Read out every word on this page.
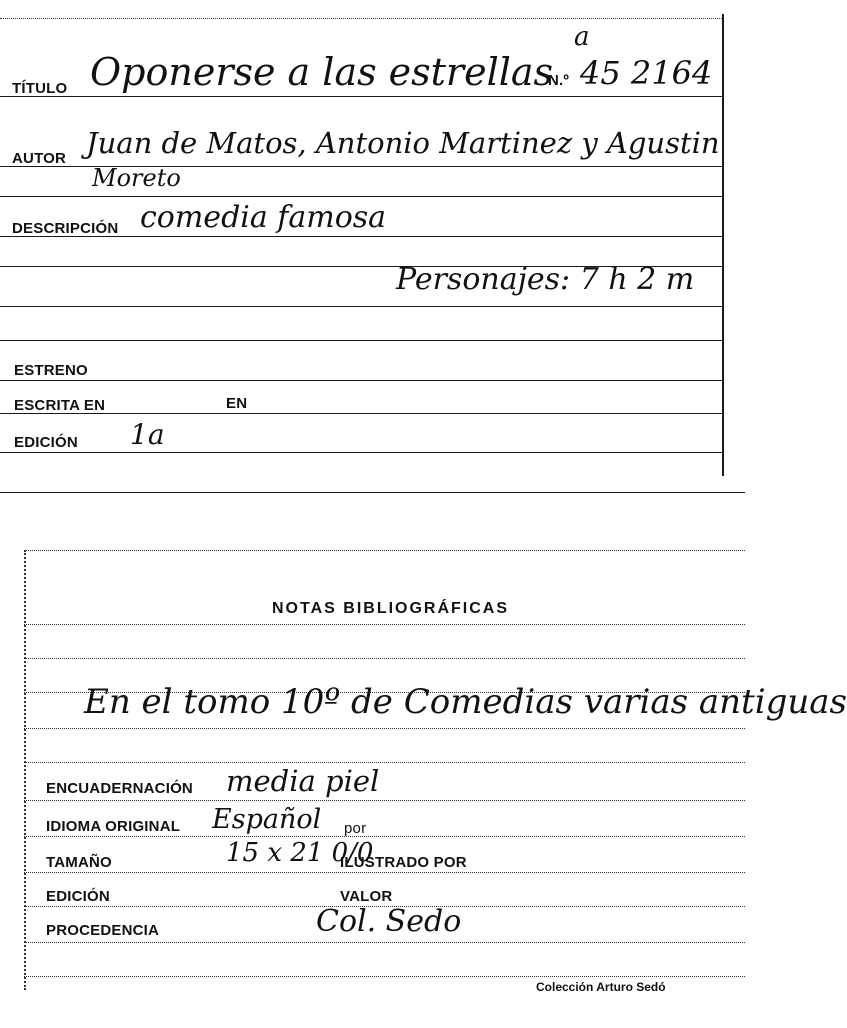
TÍTULO Oponerse a las estrellas
a
N.º 45 2164
AUTOR Juan de Matos, Antonio Martinez y Agustin
Moreto
DESCRIPCIÓN comedia famosa
Personajes: 7 h 2 m
ESTRENO
ESCRITA EN	EN
EDICIÓN 1a
NOTAS BIBLIOGRÁFICAS
En el tomo 10º de Comedias varias antiguas
ENCUADERNACIÓN media piel
IDIOMA ORIGINAL Español por
TAMAÑO	15 x 21 0/0
ILUSTRADO POR
EDICIÓN	VALOR
PROCEDENCIA	Col. Sedo
Colección Arturo Sedó
